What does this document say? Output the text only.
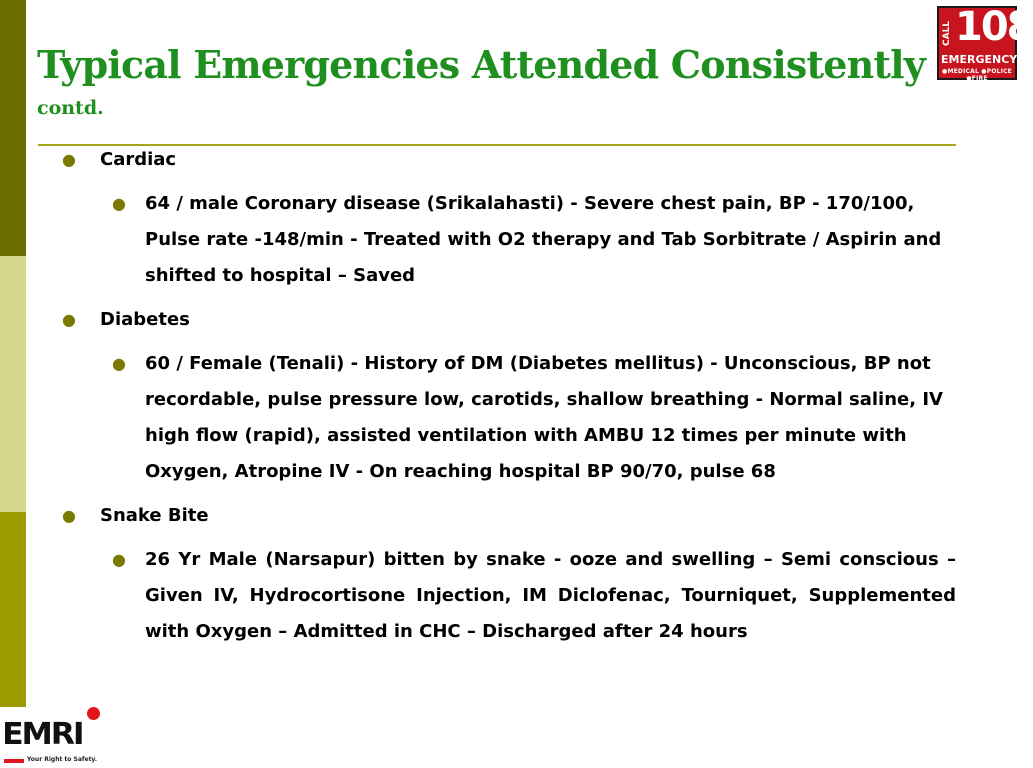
Typical Emergencies Attended Consistently
contd.
CALL 108
EMERGENCY
●MEDICAL ●POLICE ●FIRE
● Cardiac
● 64 / male Coronary disease (Srikalahasti) - Severe chest pain, BP - 170/100, Pulse rate -148/min - Treated with O2 therapy and Tab Sorbitrate / Aspirin and shifted to hospital – Saved
● Diabetes
● 60 / Female (Tenali) - History of DM (Diabetes mellitus) - Unconscious, BP not recordable, pulse pressure low, carotids, shallow breathing - Normal saline, IV high flow (rapid), assisted ventilation with AMBU 12 times per minute with Oxygen, Atropine IV - On reaching hospital BP 90/70, pulse 68
● Snake Bite
● 26 Yr Male (Narsapur) bitten by snake - ooze and swelling – Semi conscious – Given IV, Hydrocortisone Injection, IM Diclofenac, Tourniquet, Supplemented with Oxygen – Admitted in CHC – Discharged after 24 hours
EMRI
Your Right to Safety.
